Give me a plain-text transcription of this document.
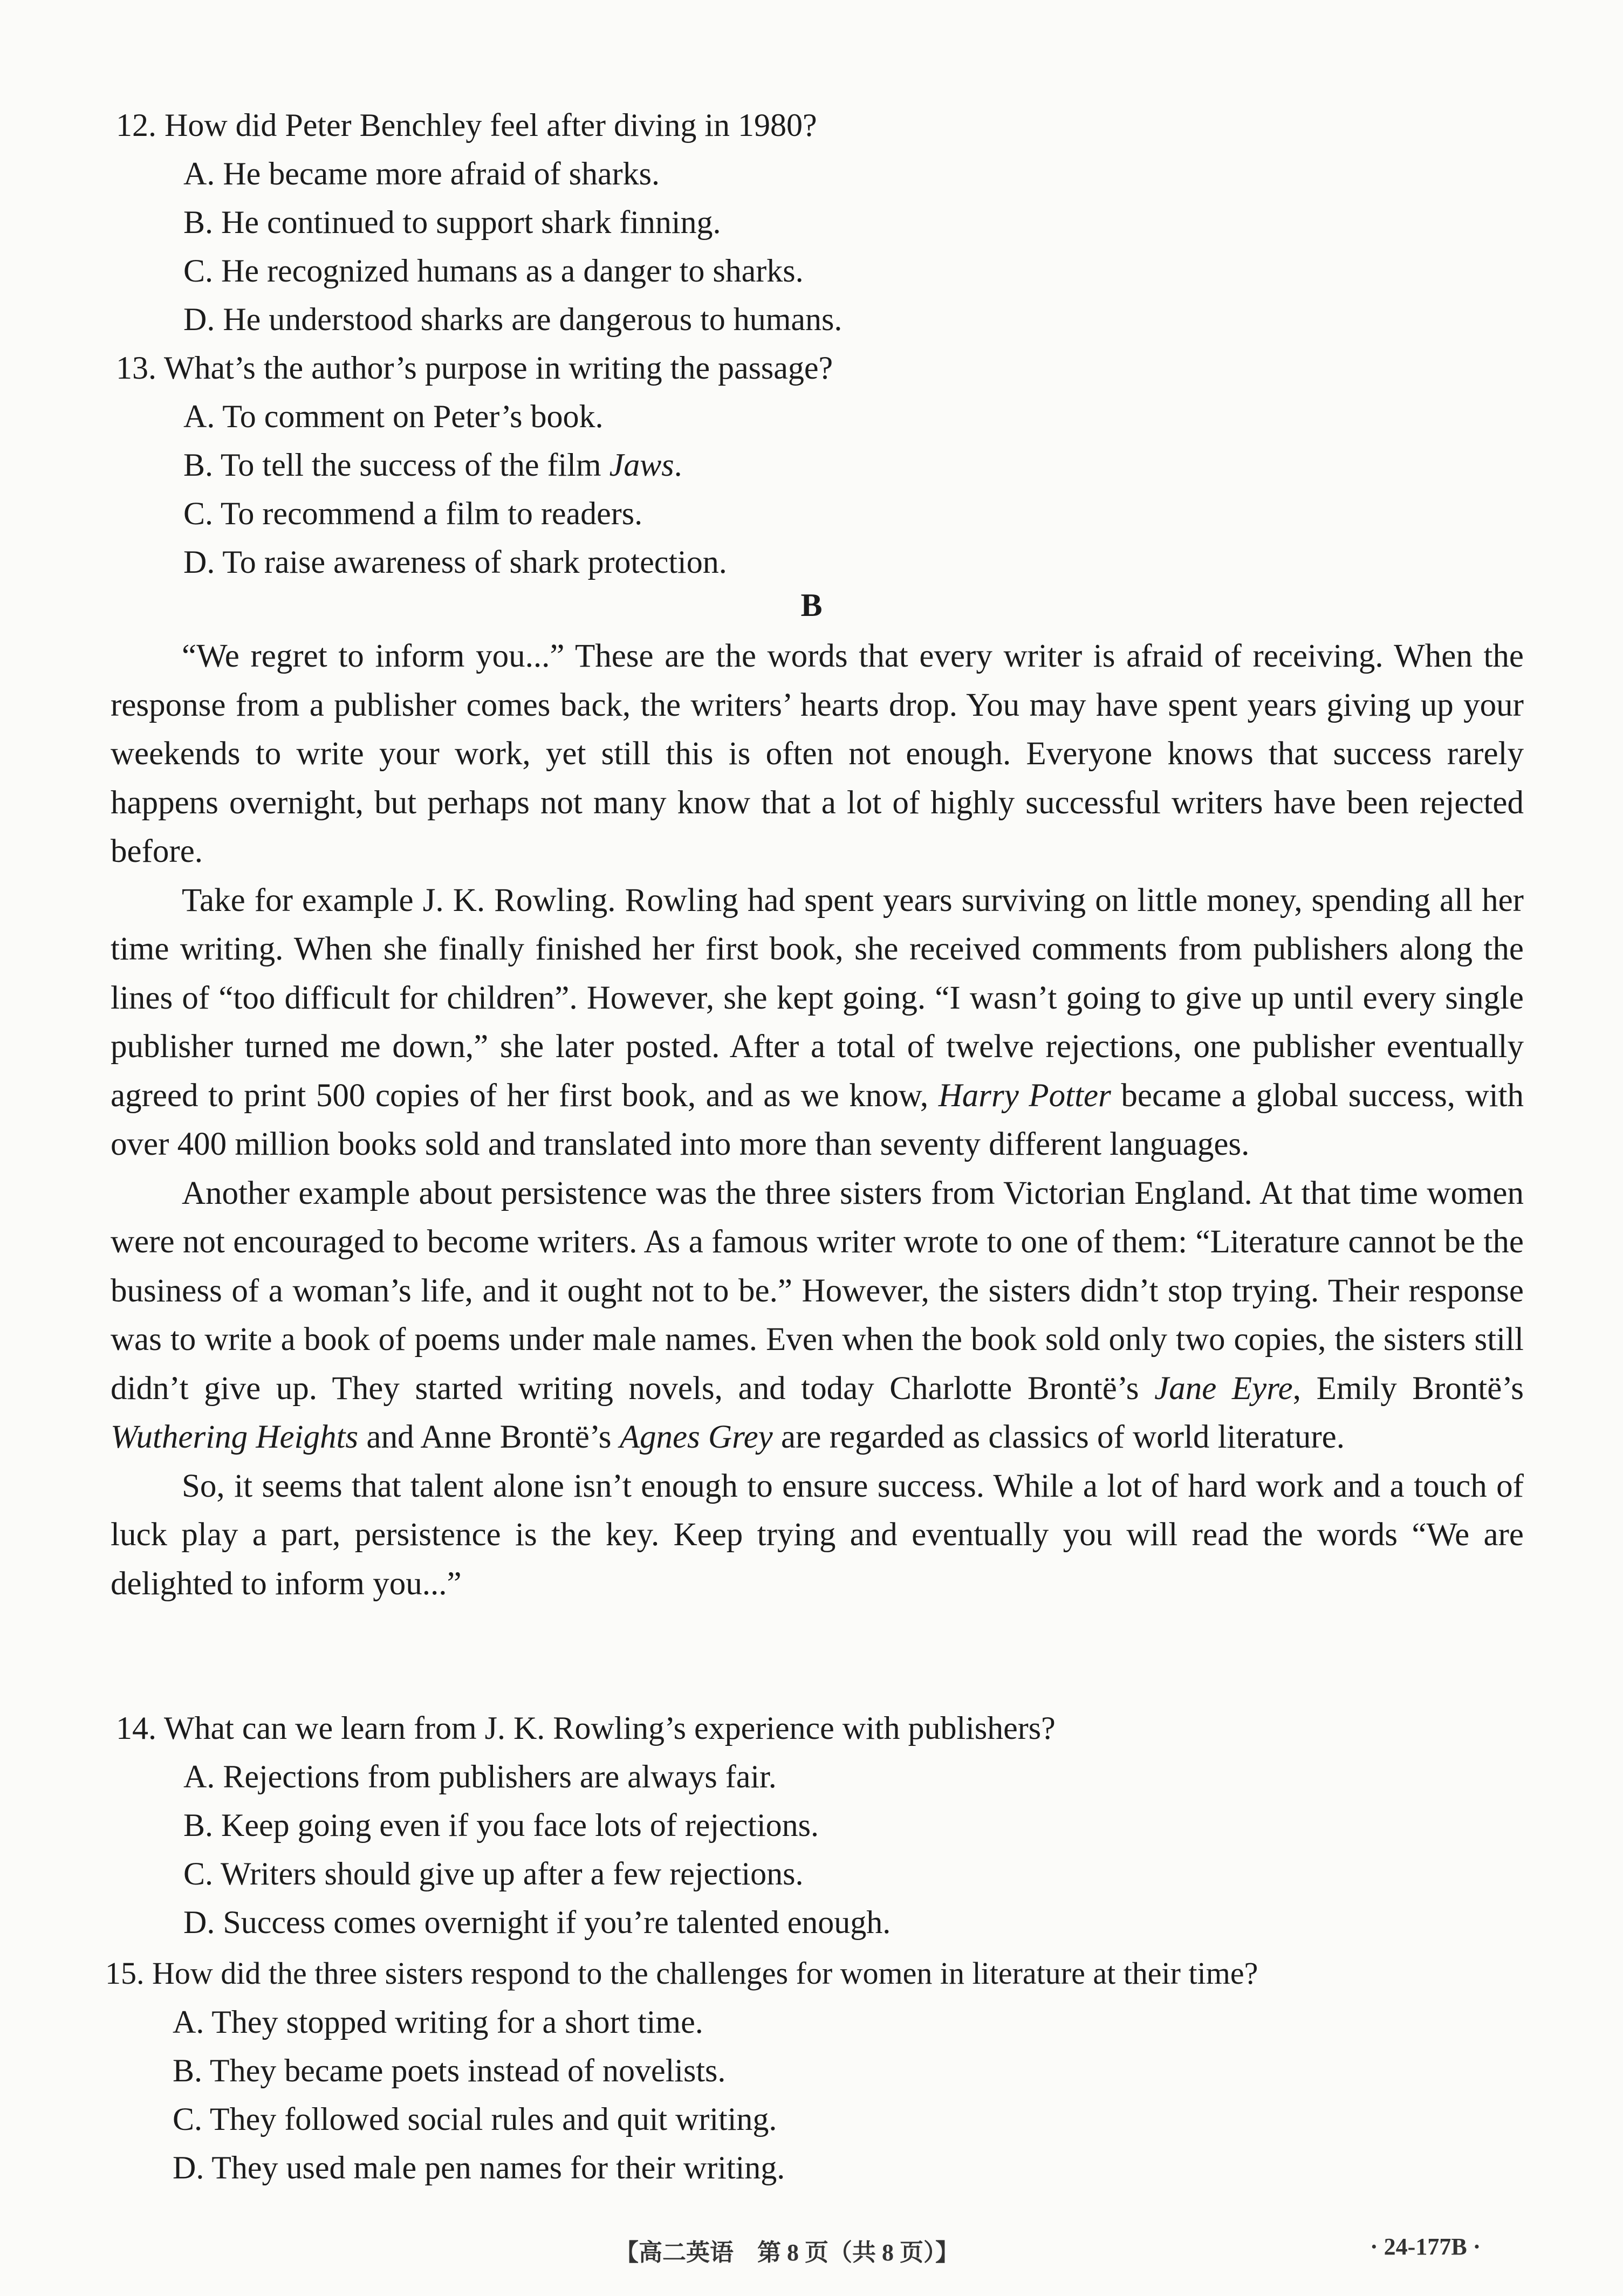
12. How did Peter Benchley feel after diving in 1980?
A. He became more afraid of sharks.
B. He continued to support shark finning.
C. He recognized humans as a danger to sharks.
D. He understood sharks are dangerous to humans.
13. What’s the author’s purpose in writing the passage?
A. To comment on Peter’s book.
B. To tell the success of the film Jaws.
C. To recommend a film to readers.
D. To raise awareness of shark protection.
B

“We regret to inform you...” These are the words that every writer is afraid of receiving. When the response from a publisher comes back, the writers’ hearts drop. You may have spent years giving up your weekends to write your work, yet still this is often not enough. Everyone knows that success rarely happens overnight, but perhaps not many know that a lot of highly successful writers have been rejected before.

Take for example J. K. Rowling. Rowling had spent years surviving on little money, spending all her time writing. When she finally finished her first book, she received comments from publishers along the lines of “too difficult for children”. However, she kept going. “I wasn’t going to give up until every single publisher turned me down,” she later posted. After a total of twelve rejections, one publisher eventually agreed to print 500 copies of her first book, and as we know, Harry Potter became a global success, with over 400 million books sold and translated into more than seventy different languages.

Another example about persistence was the three sisters from Victorian England. At that time women were not encouraged to become writers. As a famous writer wrote to one of them: “Literature cannot be the business of a woman’s life, and it ought not to be.” However, the sisters didn’t stop trying. Their response was to write a book of poems under male names. Even when the book sold only two copies, the sisters still didn’t give up. They started writing novels, and today Charlotte Brontë’s Jane Eyre, Emily Brontë’s Wuthering Heights and Anne Brontë’s Agnes Grey are regarded as classics of world literature.

So, it seems that talent alone isn’t enough to ensure success. While a lot of hard work and a touch of luck play a part, persistence is the key. Keep trying and eventually you will read the words “We are delighted to inform you...”

14. What can we learn from J. K. Rowling’s experience with publishers?
A. Rejections from publishers are always fair.
B. Keep going even if you face lots of rejections.
C. Writers should give up after a few rejections.
D. Success comes overnight if you’re talented enough.
15. How did the three sisters respond to the challenges for women in literature at their time?
A. They stopped writing for a short time.
B. They became poets instead of novelists.
C. They followed social rules and quit writing.
D. They used male pen names for their writing.
【高二英语　第 8 页（共 8 页）】	· 24-177B ·
